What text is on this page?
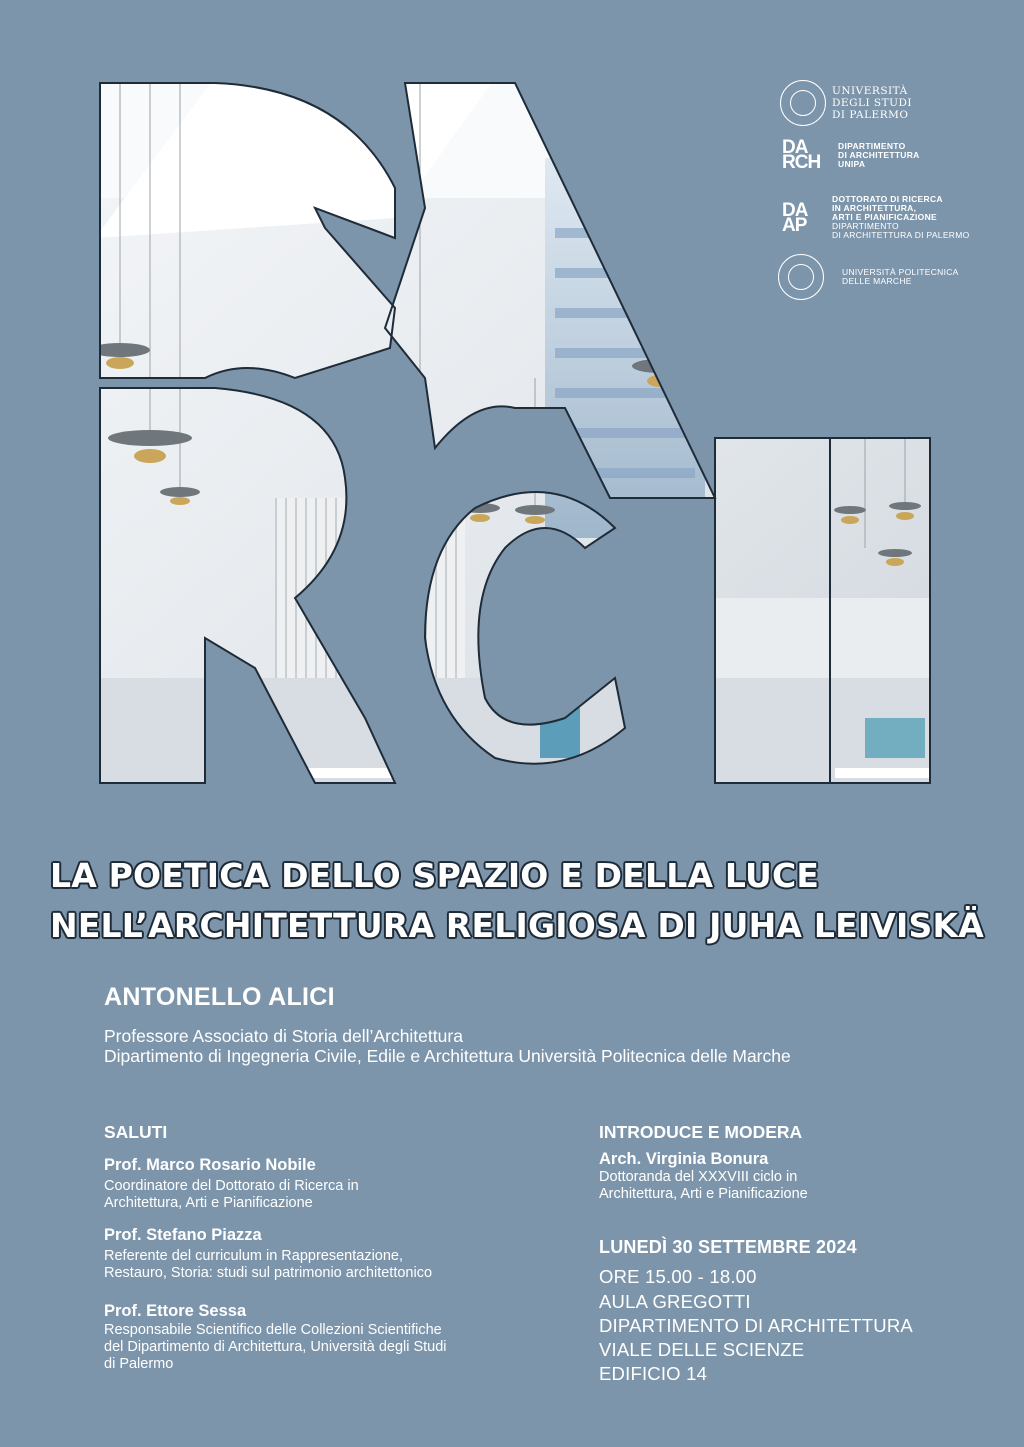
UNIVERSITÀ
DEGLI STUDI
DI PALERMO
DA
RCH
DIPARTIMENTO
DI ARCHITETTURA
UNIPA
DA
AP
DOTTORATO DI RICERCA
IN ARCHITETTURA,
ARTI E PIANIFICAZIONE
DIPARTIMENTO
DI ARCHITETTURA DI PALERMO
UNIVERSITÀ POLITECNICA
DELLE MARCHE
LA POETICA DELLO SPAZIO E DELLA LUCE
NELL’ARCHITETTURA RELIGIOSA DI JUHA LEIVISKÄ
ANTONELLO ALICI
Professore Associato di Storia dell’Architettura
Dipartimento di Ingegneria Civile, Edile e Architettura Università Politecnica delle Marche
SALUTI
Prof. Marco Rosario Nobile
Coordinatore del Dottorato di Ricerca in
Architettura, Arti e Pianificazione
Prof. Stefano Piazza
Referente del curriculum in Rappresentazione,
Restauro, Storia: studi sul patrimonio architettonico
Prof. Ettore Sessa
Responsabile Scientifico delle Collezioni Scientifiche
del Dipartimento di Architettura, Università degli Studi
di Palermo
INTRODUCE E MODERA
Arch. Virginia Bonura
Dottoranda del XXXVIII ciclo in
Architettura, Arti e Pianificazione
LUNEDÌ 30 SETTEMBRE 2024
ORE 15.00 - 18.00
AULA GREGOTTI
DIPARTIMENTO DI ARCHITETTURA
VIALE DELLE SCIENZE
EDIFICIO 14
